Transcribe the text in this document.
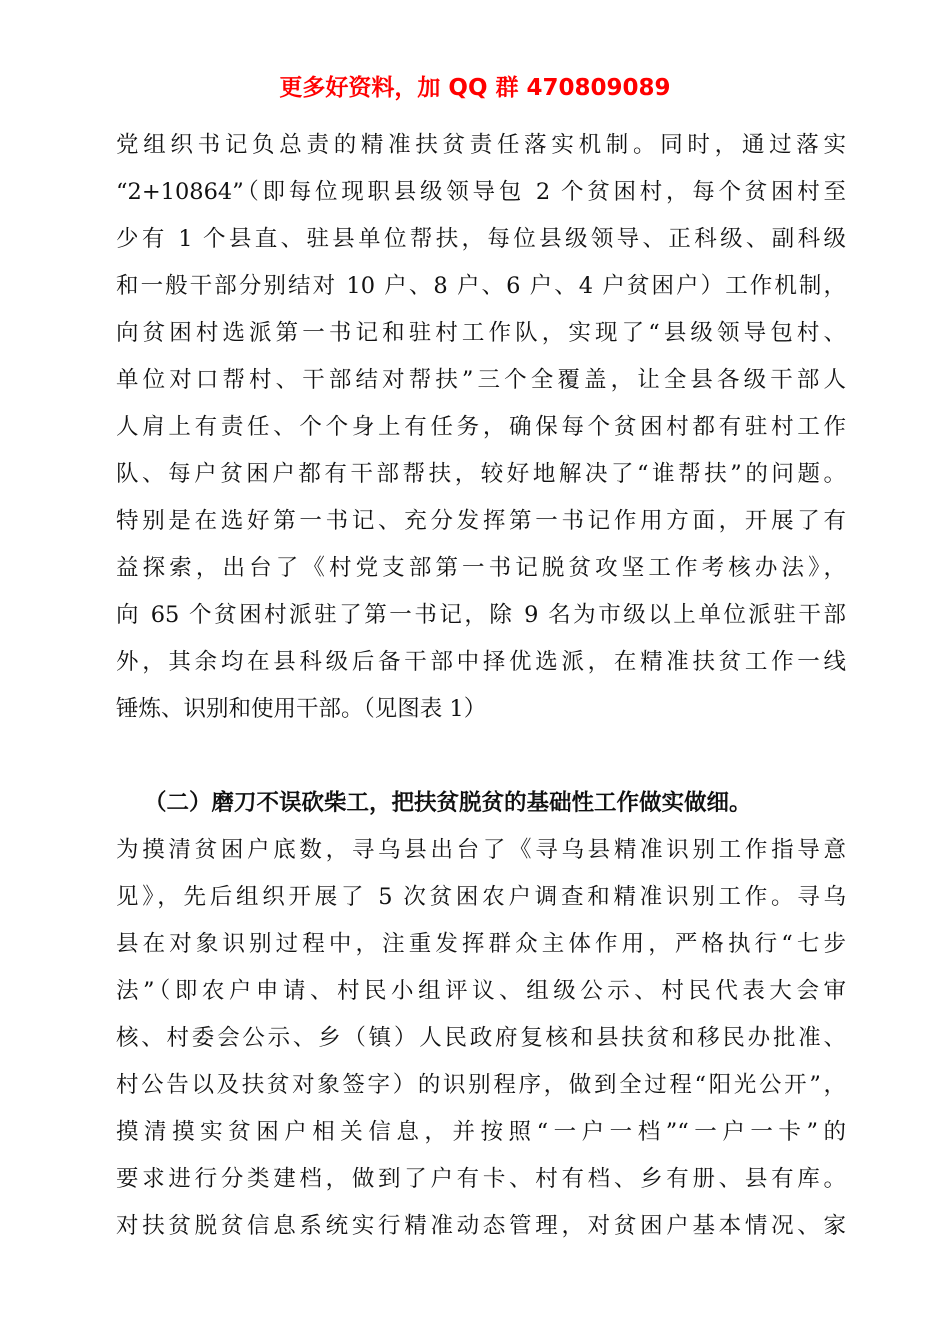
更多好资料，加 QQ 群 470809089
党组织书记负总责的精准扶贫责任落实机制。同时，通过落实
“2+10864”（即每位现职县级领导包 2 个贫困村，每个贫困村至
少有 1 个县直、驻县单位帮扶，每位县级领导、正科级、副科级
和一般干部分别结对 10 户、8 户、6 户、4 户贫困户）工作机制，
向贫困村选派第一书记和驻村工作队，实现了“县级领导包村、
单位对口帮村、干部结对帮扶”三个全覆盖，让全县各级干部人
人肩上有责任、个个身上有任务，确保每个贫困村都有驻村工作
队、每户贫困户都有干部帮扶，较好地解决了“谁帮扶”的问题。
特别是在选好第一书记、充分发挥第一书记作用方面，开展了有
益探索，出台了《村党支部第一书记脱贫攻坚工作考核办法》，
向 65 个贫困村派驻了第一书记，除 9 名为市级以上单位派驻干部
外，其余均在县科级后备干部中择优选派，在精准扶贫工作一线
锤炼、识别和使用干部。（见图表 1）
（二）磨刀不误砍柴工，把扶贫脱贫的基础性工作做实做细。
为摸清贫困户底数，寻乌县出台了《寻乌县精准识别工作指导意
见》，先后组织开展了 5 次贫困农户调查和精准识别工作。寻乌
县在对象识别过程中，注重发挥群众主体作用，严格执行“七步
法”（即农户申请、村民小组评议、组级公示、村民代表大会审
核、村委会公示、乡（镇）人民政府复核和县扶贫和移民办批准、
村公告以及扶贫对象签字）的识别程序，做到全过程“阳光公开”，
摸清摸实贫困户相关信息，并按照“一户一档”“一户一卡”的
要求进行分类建档，做到了户有卡、村有档、乡有册、县有库。
对扶贫脱贫信息系统实行精准动态管理，对贫困户基本情况、家
